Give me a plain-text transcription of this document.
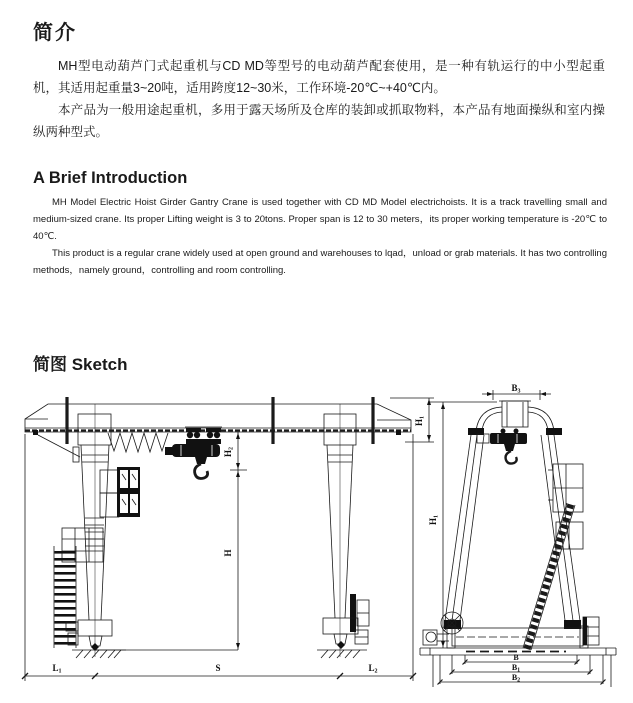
简介

MH型电动葫芦门式起重机与CD MD等型号的电动葫芦配套使用，是一种有轨运行的中小型起重机，其适用起重量3~20吨，适用跨度12~30米，工作环境-20℃~+40℃内。

本产品为一般用途起重机，多用于露天场所及仓库的装卸或抓取物料，本产品有地面操纵和室内操纵两种型式。

A Brief Introduction

MH Model Electric Hoist Girder Gantry Crane is used together with CD MD Model electrichoists. It is a track travelling small and medium-sized crane. Its proper Lifting weight is 3 to 20tons. Proper span is 12 to 30 meters，its proper working temperature is -20℃ to 40℃.

This product is a regular crane widely used at open ground and warehouses to lqad，unload or grab materials. It has two controlling methods，namely ground，controlling and room controlling.

简图 Sketch
H2
H
H1
L1	S	L2
B3
H1
B
B1
B2
